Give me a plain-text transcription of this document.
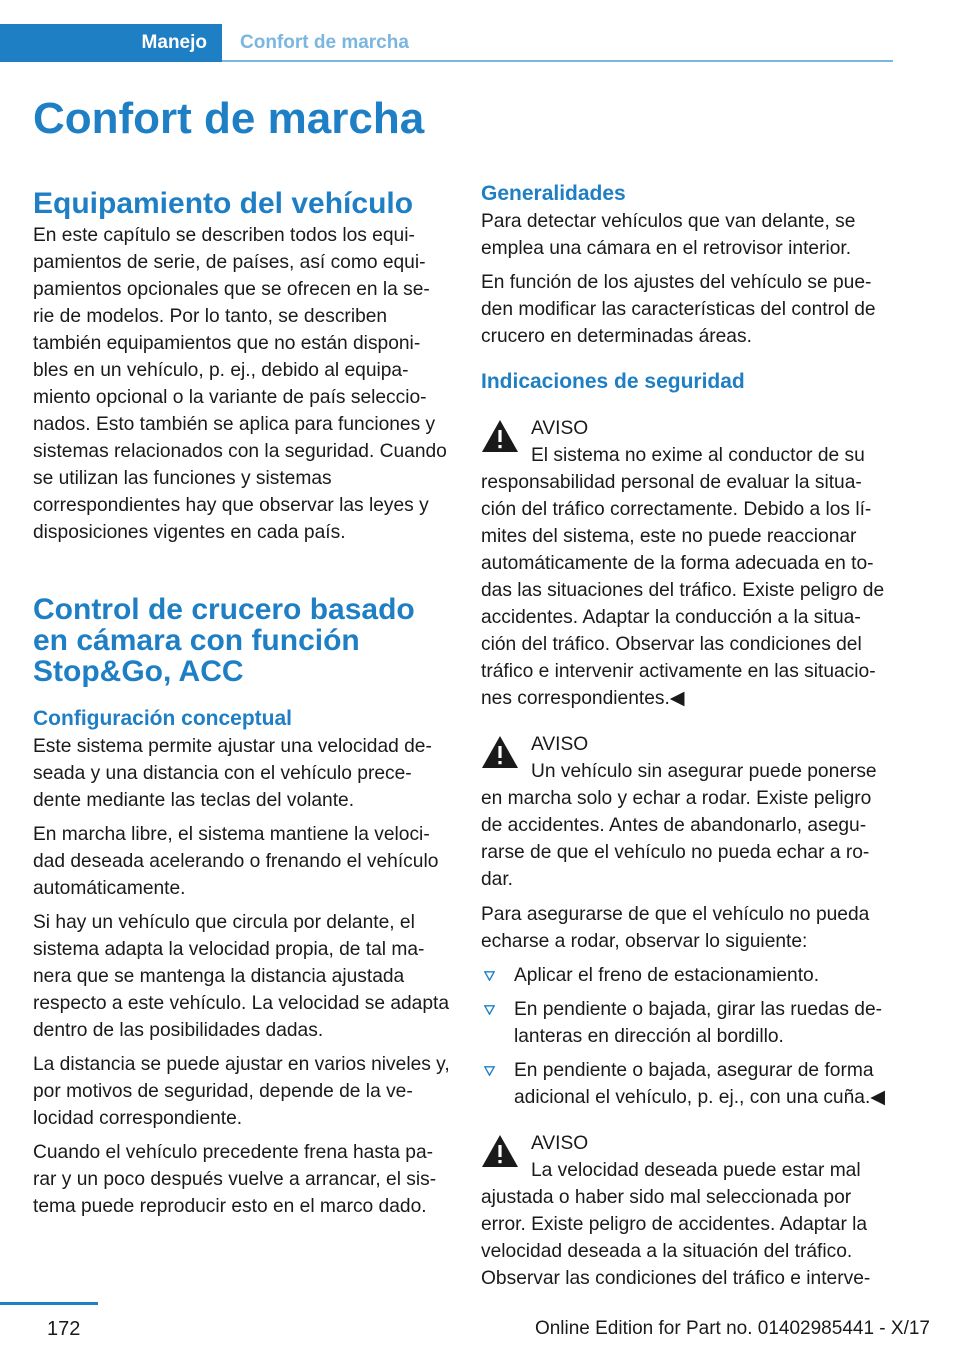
Manejo Confort de marcha
Confort de marcha
Equipamiento del vehículo

En este capítulo se describen todos los equi- pamientos de serie, de países, así como equi- pamientos opcionales que se ofrecen en la se- rie de modelos. Por lo tanto, se describen también equipamientos que no están disponi- bles en un vehículo, p. ej., debido al equipa- miento opcional o la variante de país seleccio- nados. Esto también se aplica para funciones y sistemas relacionados con la seguridad. Cuando se utilizan las funciones y sistemas correspondientes hay que observar las leyes y disposiciones vigentes en cada país.

Control de crucero basado en cámara con función Stop&Go, ACC
Configuración conceptual

Este sistema permite ajustar una velocidad de- seada y una distancia con el vehículo prece- dente mediante las teclas del volante.

En marcha libre, el sistema mantiene la veloci- dad deseada acelerando o frenando el vehículo automáticamente.

Si hay un vehículo que circula por delante, el sistema adapta la velocidad propia, de tal ma- nera que se mantenga la distancia ajustada respecto a este vehículo. La velocidad se adapta dentro de las posibilidades dadas.

La distancia se puede ajustar en varios niveles y, por motivos de seguridad, depende de la ve- locidad correspondiente.

Cuando el vehículo precedente frena hasta pa- rar y un poco después vuelve a arrancar, el sis- tema puede reproducir esto en el marco dado.

Generalidades

Para detectar vehículos que van delante, se emplea una cámara en el retrovisor interior.

En función de los ajustes del vehículo se pue- den modificar las características del control de crucero en determinadas áreas.

Indicaciones de seguridad
AVISO
El sistema no exime al conductor de su
responsabilidad personal de evaluar la situa- ción del tráfico correctamente. Debido a los lí- mites del sistema, este no puede reaccionar automáticamente de la forma adecuada en to- das las situaciones del tráfico. Existe peligro de accidentes. Adaptar la conducción a la situa- ción del tráfico. Observar las condiciones del tráfico e intervenir activamente en las situacio- nes correspondientes.◀
AVISO
Un vehículo sin asegurar puede ponerse
en marcha solo y echar a rodar. Existe peligro de accidentes. Antes de abandonarlo, asegu- rarse de que el vehículo no pueda echar a ro- dar.

Para asegurarse de que el vehículo no pueda echarse a rodar, observar lo siguiente:

Aplicar el freno de estacionamiento.
En pendiente o bajada, girar las ruedas de- lanteras en dirección al bordillo.
En pendiente o bajada, asegurar de forma adicional el vehículo, p. ej., con una cuña.◀
AVISO
La velocidad deseada puede estar mal
ajustada o haber sido mal seleccionada por error. Existe peligro de accidentes. Adaptar la velocidad deseada a la situación del tráfico. Observar las condiciones del tráfico e interve-
172	Online Edition for Part no. 01402985441 - X/17
